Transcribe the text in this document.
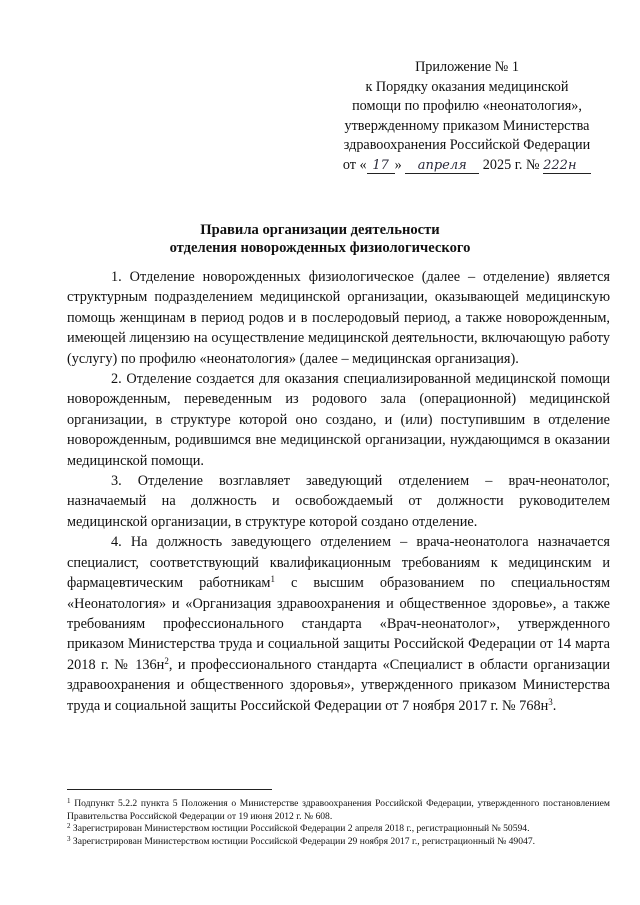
Приложение № 1
к Порядку оказания медицинской
помощи по профилю «неонатология»,
утвержденному приказом Министерства
здравоохранения Российской Федерации
от « 17 » апреля 2025 г. № 222н
Правила организации деятельности
отделения новорожденных физиологического

1. Отделение новорожденных физиологическое (далее – отделение) является структурным подразделением медицинской организации, оказывающей медицинскую помощь женщинам в период родов и в послеродовый период, а также новорожденным, имеющей лицензию на осуществление медицинской деятельности, включающую работу (услугу) по профилю «неонатология» (далее – медицинская организация).

2. Отделение создается для оказания специализированной медицинской помощи новорожденным, переведенным из родового зала (операционной) медицинской организации, в структуре которой оно создано, и (или) поступившим в отделение новорожденным, родившимся вне медицинской организации, нуждающимся в оказании медицинской помощи.

3. Отделение возглавляет заведующий отделением – врач-неонатолог, назначаемый на должность и освобождаемый от должности руководителем медицинской организации, в структуре которой создано отделение.

4. На должность заведующего отделением – врача-неонатолога назначается специалист, соответствующий квалификационным требованиям к медицинским и фармацевтическим работникам$^1$ с высшим образованием по специальностям «Неонатология» и «Организация здравоохранения и общественное здоровье», а также требованиям профессионального стандарта «Врач-неонатолог», утвержденного приказом Министерства труда и социальной защиты Российской Федерации от 14 марта 2018 г. № $136н^2$, и профессионального стандарта «Специалист в области организации здравоохранения и общественного здоровья», утвержденного приказом Министерства труда и социальной защиты Российской Федерации от 7 ноября 2017 г. № $768н^3$.

$^1$ Подпункт 5.2.2 пункта 5 Положения о Министерстве здравоохранения Российской Федерации, утвержденного постановлением Правительства Российской Федерации от 19 июня 2012 г. № 608.

$^2$ Зарегистрирован Министерством юстиции Российской Федерации 2 апреля 2018 г., регистрационный № 50594.

$^3$ Зарегистрирован Министерством юстиции Российской Федерации 29 ноября 2017 г., регистрационный № 49047.
